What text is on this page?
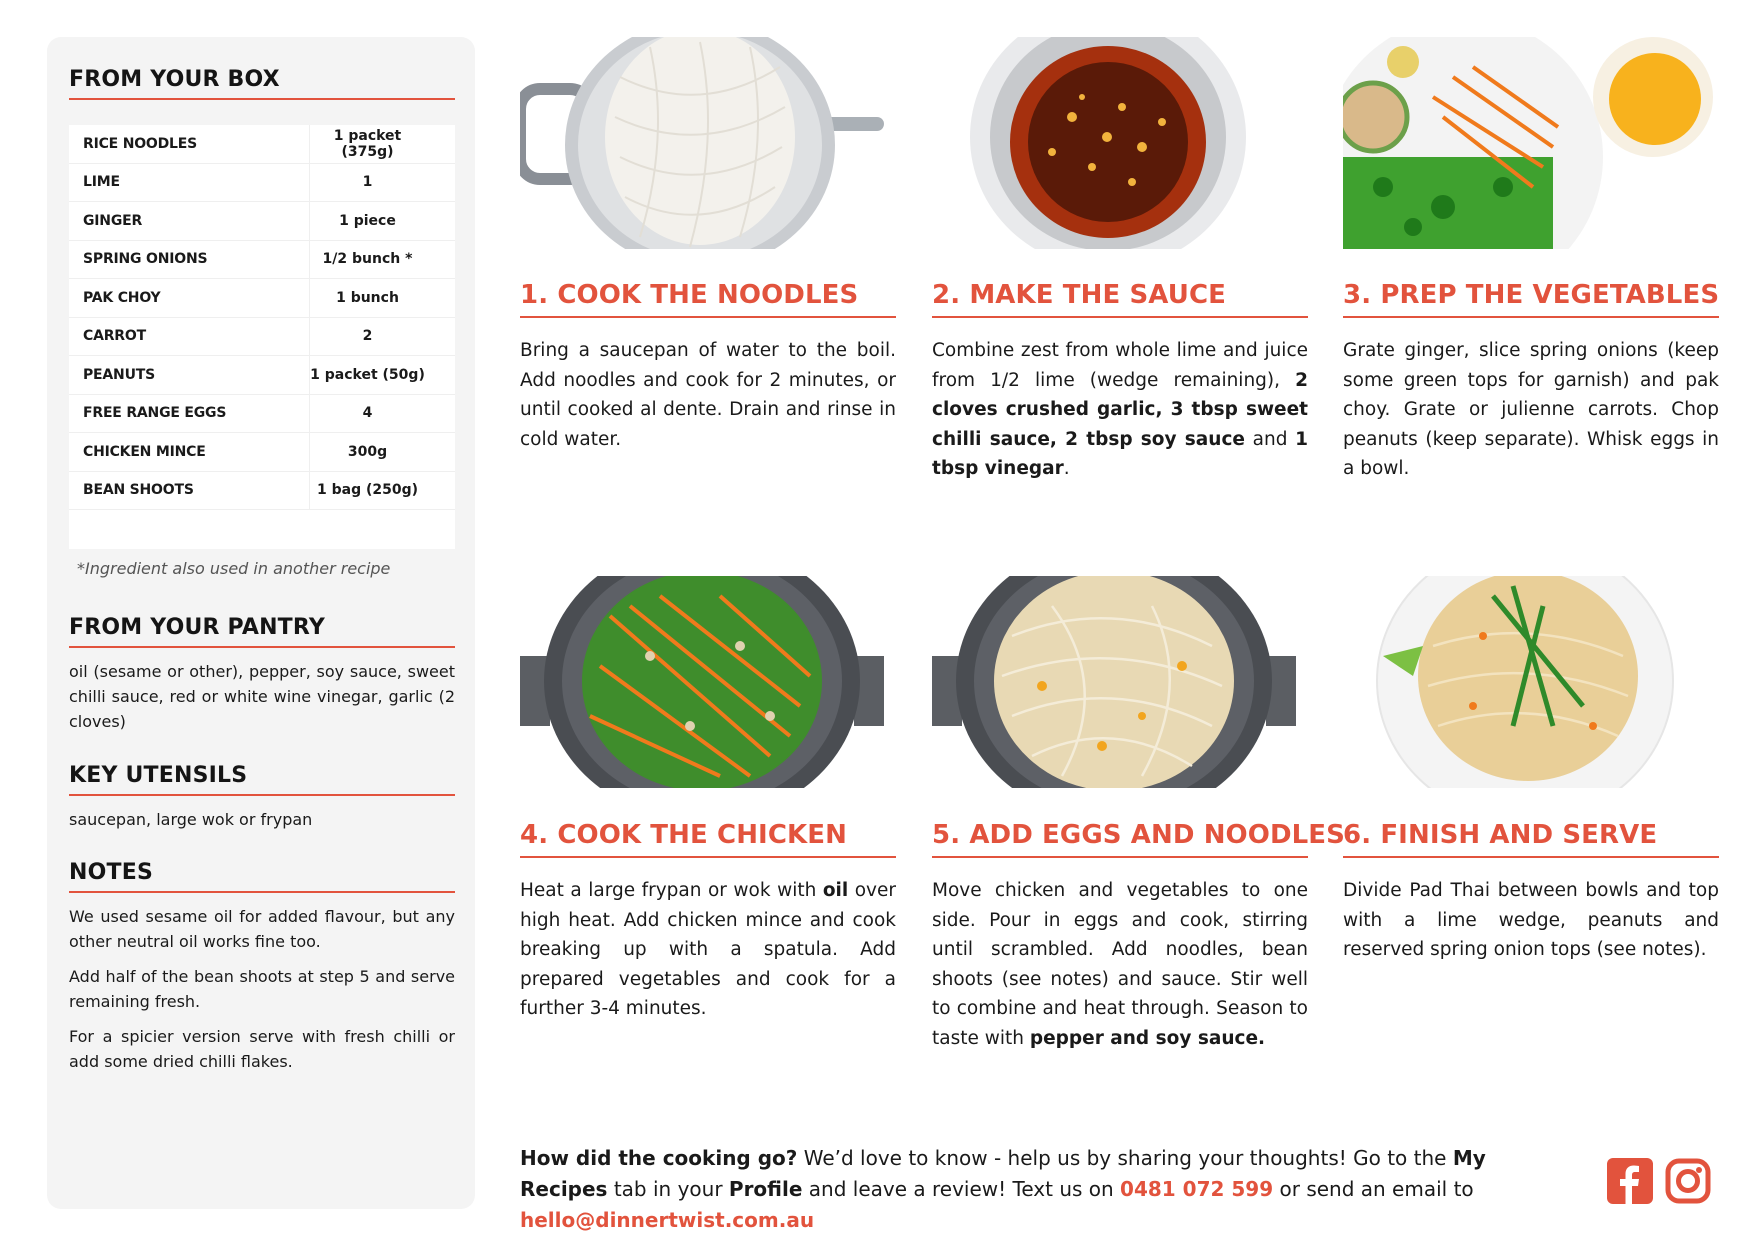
FROM YOUR BOX
RICE NOODLES	1 packet (375g)
LIME	1
GINGER	1 piece
SPRING ONIONS	1/2 bunch *
PAK CHOY	1 bunch
CARROT	2
PEANUTS	1 packet (50g)
FREE RANGE EGGS	4
CHICKEN MINCE	300g
BEAN SHOOTS	1 bag (250g)
*Ingredient also used in another recipe
FROM YOUR PANTRY
oil (sesame or other), pepper, soy sauce, sweet chilli sauce, red or white wine vinegar, garlic (2 cloves)
KEY UTENSILS
saucepan, large wok or frypan
NOTES

We used sesame oil for added flavour, but any other neutral oil works fine too.

Add half of the bean shoots at step 5 and serve remaining fresh.

For a spicier version serve with fresh chilli or add some dried chilli flakes.

1. COOK THE NOODLES	2. MAKE THE SAUCE	3. PREP THE VEGETABLES
4. COOK THE CHICKEN	5. ADD EGGS AND NOODLES
6. FINISH AND SERVE
Bring a saucepan of water to the boil. Add noodles and cook for 2 minutes, or until cooked al dente. Drain and rinse in cold water.
Combine zest from whole lime and juice from 1/2 lime (wedge remaining), 2 cloves crushed garlic, 3 tbsp sweet chilli sauce, 2 tbsp soy sauce and 1 tbsp vinegar.
Grate ginger, slice spring onions (keep some green tops for garnish) and pak choy. Grate or julienne carrots. Chop peanuts (keep separate). Whisk eggs in a bowl.
Heat a large frypan or wok with oil over high heat. Add chicken mince and cook breaking up with a spatula. Add prepared vegetables and cook for a further 3-4 minutes.
Move chicken and vegetables to one side. Pour in eggs and cook, stirring until scrambled. Add noodles, bean shoots (see notes) and sauce. Stir well to combine and heat through. Season to taste with pepper and soy sauce.
Divide Pad Thai between bowls and top with a lime wedge, peanuts and reserved spring onion tops (see notes).
How did the cooking go? We’d love to know - help us by sharing your thoughts! Go to the My Recipes tab in your Profile and leave a review! Text us on 0481 072 599 or send an email to hello@dinnertwist.com.au
